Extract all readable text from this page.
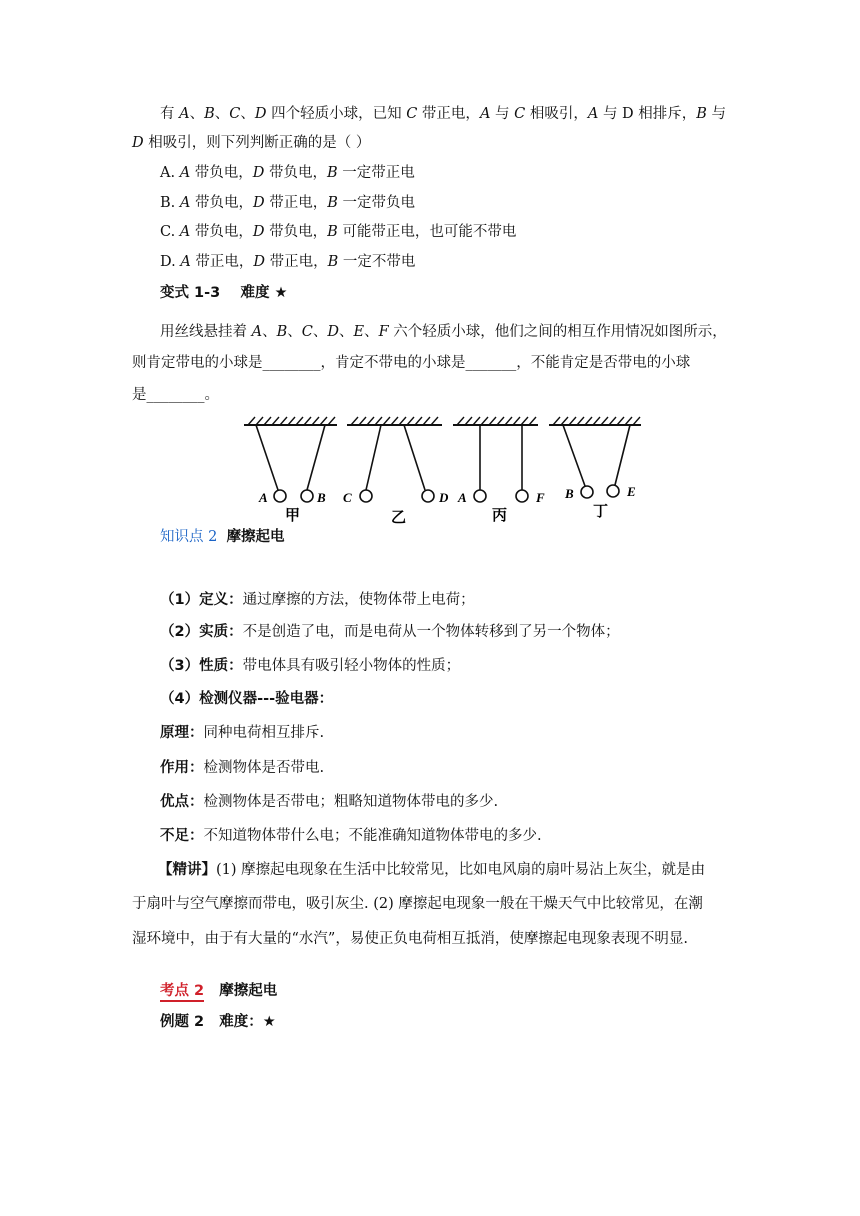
有 A、B、C、D 四个轻质小球，已知 C 带正电，A 与 C 相吸引，A 与 D 相排斥，B 与
D 相吸引，则下列判断正确的是（ ）
A. A 带负电，D 带负电，B 一定带正电
B. A 带负电，D 带正电，B 一定带负电
C. A 带负电，D 带负电，B 可能带正电，也可能不带电
D. A 带正电，D 带正电，B 一定不带电
变式 1-3 难度 ★
用丝线悬挂着 A、B、C、D、E、F 六个轻质小球，他们之间的相互作用情况如图所示，
则肯定带电的小球是________，肯定不带电的小球是_______，不能肯定是否带电的小球
是________。
A	B
甲
C	D
乙
A	F
丙
B	E
丁
知识点 2 摩擦起电
（1）定义：通过摩擦的方法，使物体带上电荷；
（2）实质：不是创造了电，而是电荷从一个物体转移到了另一个物体；
（3）性质：带电体具有吸引轻小物体的性质；
（4）检测仪器---验电器：
原理：同种电荷相互排斥.
作用：检测物体是否带电.
优点：检测物体是否带电；粗略知道物体带电的多少.
不足：不知道物体带什么电；不能准确知道物体带电的多少.
【精讲】(1) 摩擦起电现象在生活中比较常见，比如电风扇的扇叶易沾上灰尘，就是由
于扇叶与空气摩擦而带电，吸引灰尘. (2) 摩擦起电现象一般在干燥天气中比较常见，在潮
湿环境中，由于有大量的“水汽”，易使正负电荷相互抵消，使摩擦起电现象表现不明显.
考点 2 摩擦起电
例题 2 难度：★
